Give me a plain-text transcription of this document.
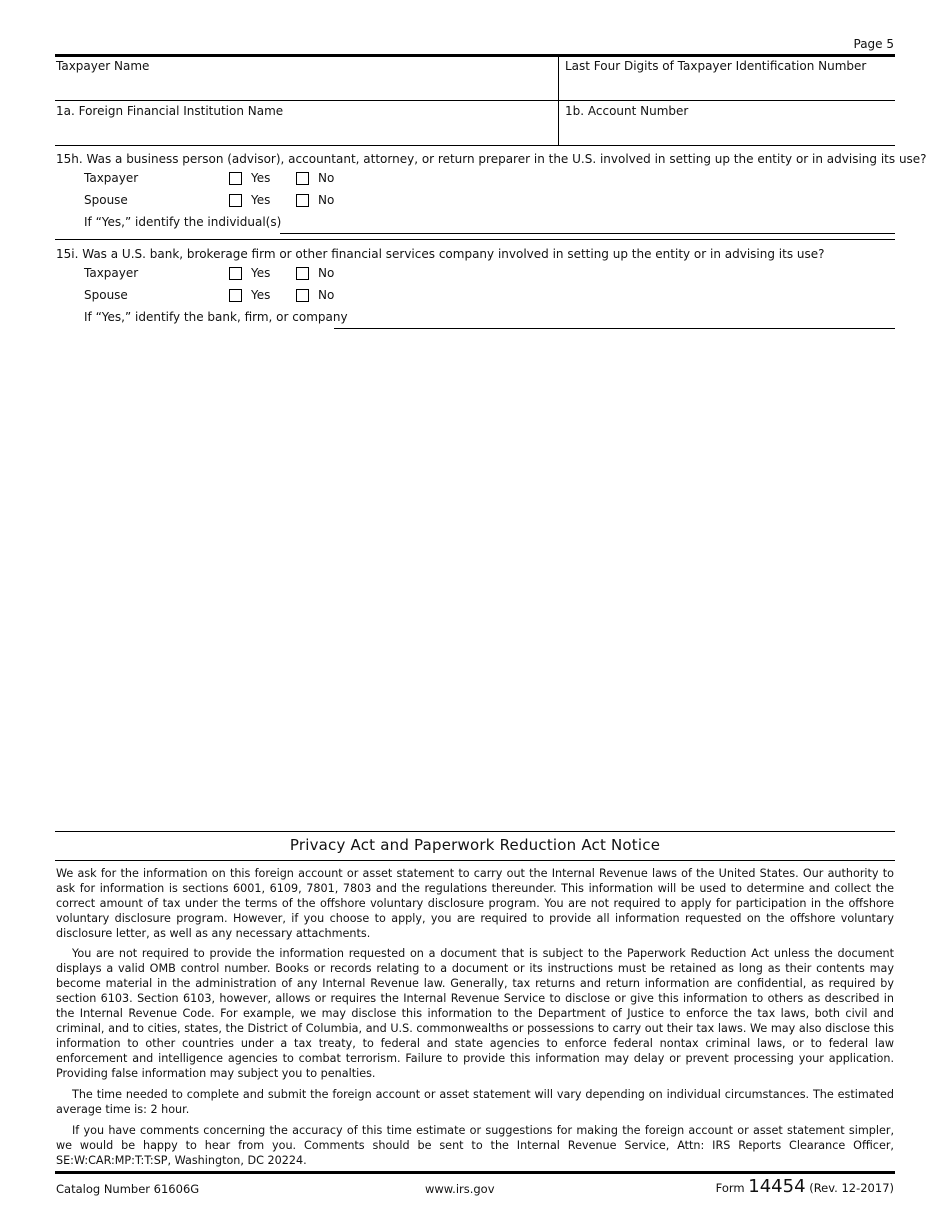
Page 5
Taxpayer Name	Last Four Digits of Taxpayer Identification Number
1a. Foreign Financial Institution Name	1b. Account Number
15h. Was a business person (advisor), accountant, attorney, or return preparer in the U.S. involved in setting up the entity or in advising its use?
Taxpayer	Yes	No
Spouse	Yes	No
If “Yes,” identify the individual(s)
15i. Was a U.S. bank, brokerage firm or other financial services company involved in setting up the entity or in advising its use?
Taxpayer	Yes	No
Spouse	Yes	No
If “Yes,” identify the bank, firm, or company
Privacy Act and Paperwork Reduction Act Notice
We ask for the information on this foreign account or asset statement to carry out the Internal Revenue laws of the United States. Our authority to ask for information is sections 6001, 6109, 7801, 7803 and the regulations thereunder. This information will be used to determine and collect the correct amount of tax under the terms of the offshore voluntary disclosure program. You are not required to apply for participation in the offshore voluntary disclosure program. However, if you choose to apply, you are required to provide all information requested on the offshore voluntary disclosure letter, as well as any necessary attachments.
You are not required to provide the information requested on a document that is subject to the Paperwork Reduction Act unless the document displays a valid OMB control number. Books or records relating to a document or its instructions must be retained as long as their contents may become material in the administration of any Internal Revenue law. Generally, tax returns and return information are confidential, as required by section 6103. Section 6103, however, allows or requires the Internal Revenue Service to disclose or give this information to others as described in the Internal Revenue Code. For example, we may disclose this information to the Department of Justice to enforce the tax laws, both civil and criminal, and to cities, states, the District of Columbia, and U.S. commonwealths or possessions to carry out their tax laws. We may also disclose this information to other countries under a tax treaty, to federal and state agencies to enforce federal nontax criminal laws, or to federal law enforcement and intelligence agencies to combat terrorism. Failure to provide this information may delay or prevent processing your application. Providing false information may subject you to penalties.
The time needed to complete and submit the foreign account or asset statement will vary depending on individual circumstances. The estimated average time is: 2 hour.
If you have comments concerning the accuracy of this time estimate or suggestions for making the foreign account or asset statement simpler, we would be happy to hear from you. Comments should be sent to the Internal Revenue Service, Attn: IRS Reports Clearance Officer, SE:W:CAR:MP:T:T:SP, Washington, DC 20224.
Catalog Number 61606G	www.irs.gov	Form 14454 (Rev. 12-2017)
